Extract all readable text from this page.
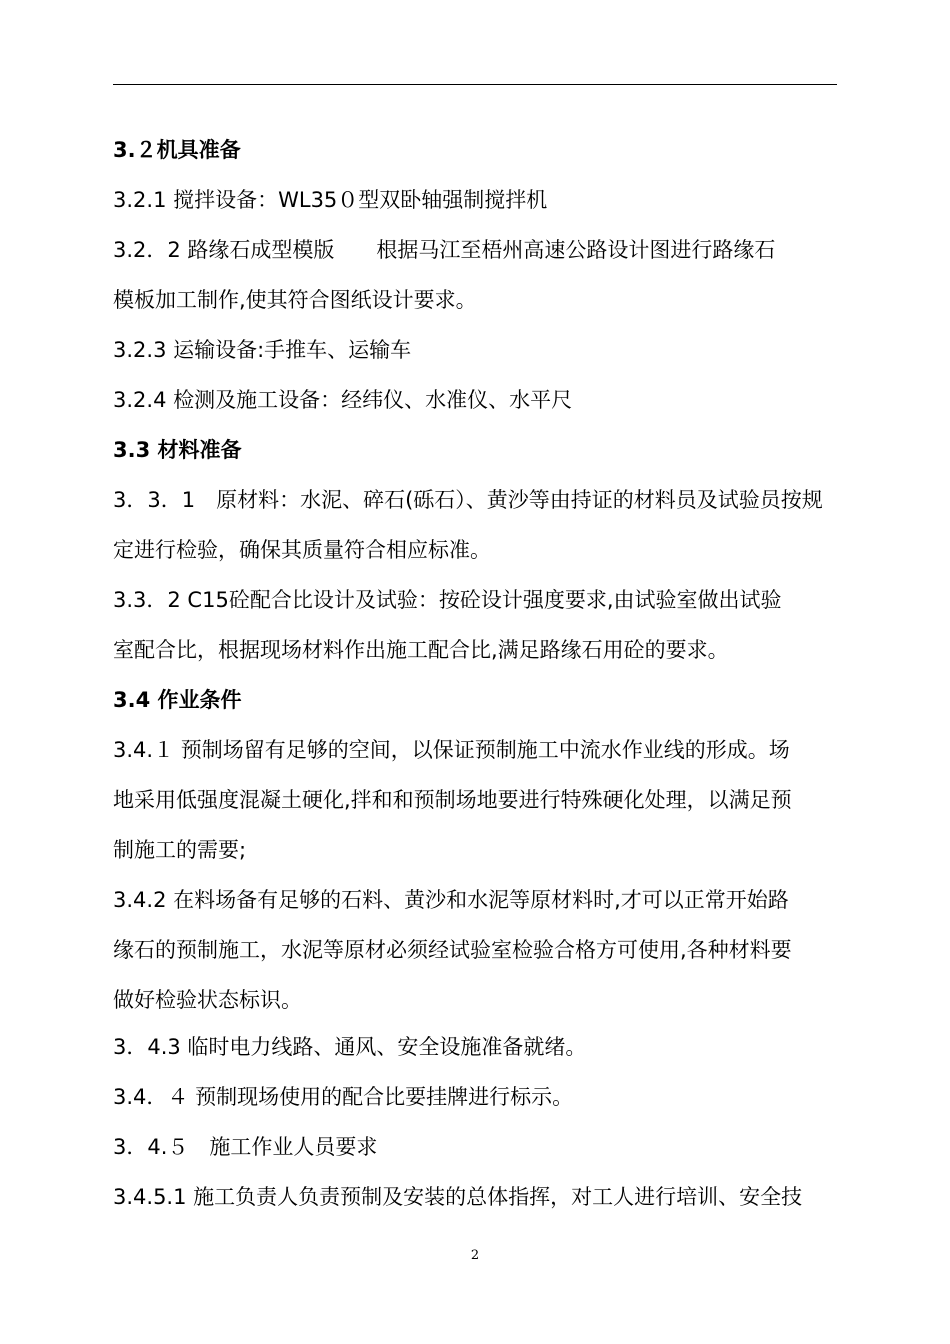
3.２机具准备
3.2.1 搅拌设备：WL35０型双卧轴强制搅拌机
3.2．2 路缘石成型模版　　根据马江至梧州高速公路设计图进行路缘石
模板加工制作,使其符合图纸设计要求。
3.2.3 运输设备:手推车、运输车
3.2.4 检测及施工设备：经纬仪、水准仪、水平尺
3.3 材料准备
3．3．1　原材料：水泥、碎石(砾石）、黄沙等由持证的材料员及试验员按规
定进行检验，确保其质量符合相应标准。
3.3．2 C15砼配合比设计及试验：按砼设计强度要求,由试验室做出试验
室配合比，根据现场材料作出施工配合比,满足路缘石用砼的要求。
3.4 作业条件
3.4.１ 预制场留有足够的空间，以保证预制施工中流水作业线的形成。场
地采用低强度混凝土硬化,拌和和预制场地要进行特殊硬化处理，以满足预
制施工的需要;
3.4.2 在料场备有足够的石料、黄沙和水泥等原材料时,才可以正常开始路
缘石的预制施工，水泥等原材必须经试验室检验合格方可使用,各种材料要
做好检验状态标识。
3．4.3 临时电力线路、通风、安全设施准备就绪。
3.4．４ 预制现场使用的配合比要挂牌进行标示。
3．4.５　施工作业人员要求
3.4.5.1 施工负责人负责预制及安装的总体指挥，对工人进行培训、安全技
2
